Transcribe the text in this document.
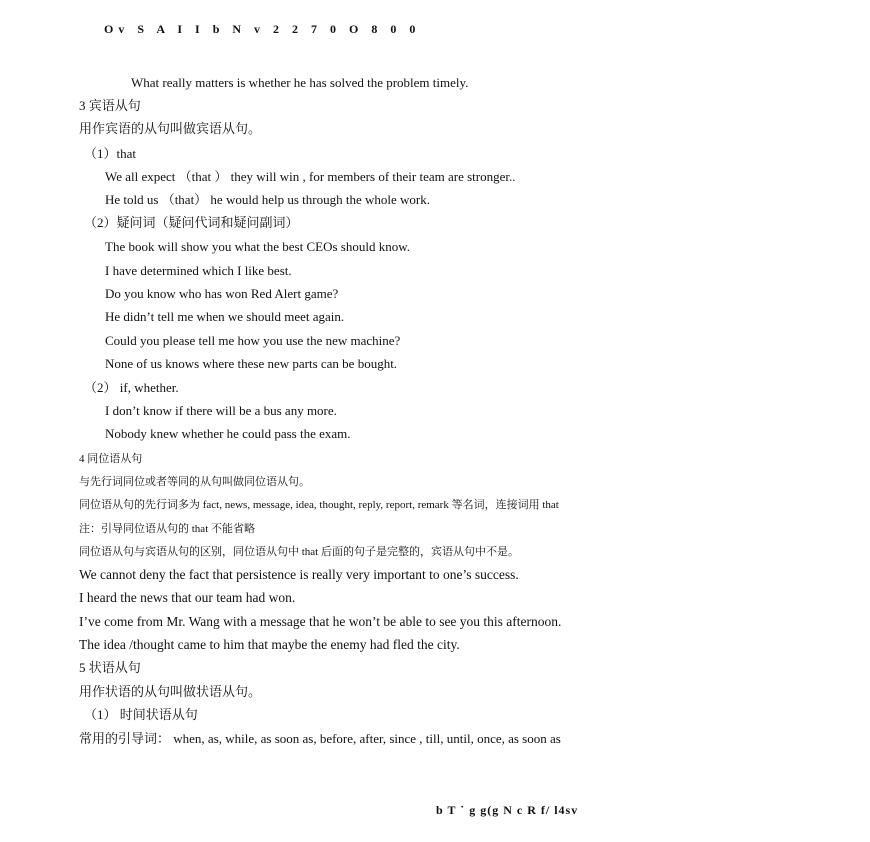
Ov S A I I b N v 2 2 7 0 O 8 0 0
What really matters is whether he has solved the problem timely.
3 宾语从句
用作宾语的从句叫做宾语从句。
（1）that
We all expect （that ） they will win , for members of their team are stronger..
He told us （that） he would help us through the whole work.
（2）疑问词（疑问代词和疑问副词）
The book will show you what the best CEOs should know.
I have determined which I like best.
Do you know who has won Red Alert game?
He didn’t tell me when we should meet again.
Could you please tell me how you use the new machine?
None of us knows where these new parts can be bought.
（2） if, whether.
I don’t know if there will be a bus any more.
Nobody knew whether he could pass the exam.
4 同位语从句
与先行词同位或者等同的从句叫做同位语从句。
同位语从句的先行词多为 fact, news, message, idea, thought, reply, report, remark 等名词，连接词用 that
注：引导同位语从句的 that 不能省略
同位语从句与宾语从句的区别，同位语从句中 that 后面的句子是完整的，宾语从句中不是。
We cannot deny the fact that persistence is really very important to one’s success.
I heard the news that our team had won.
I’ve come from Mr. Wang with a message that he won’t be able to see you this afternoon.
The idea /thought came to him that maybe the enemy had fled the city.
5 状语从句
用作状语的从句叫做状语从句。
（1） 时间状语从句
常用的引导词： when, as, while, as soon as, before, after, since , till, until, once, as soon as
b T ˙ g g(g N c R f/ l4sv
